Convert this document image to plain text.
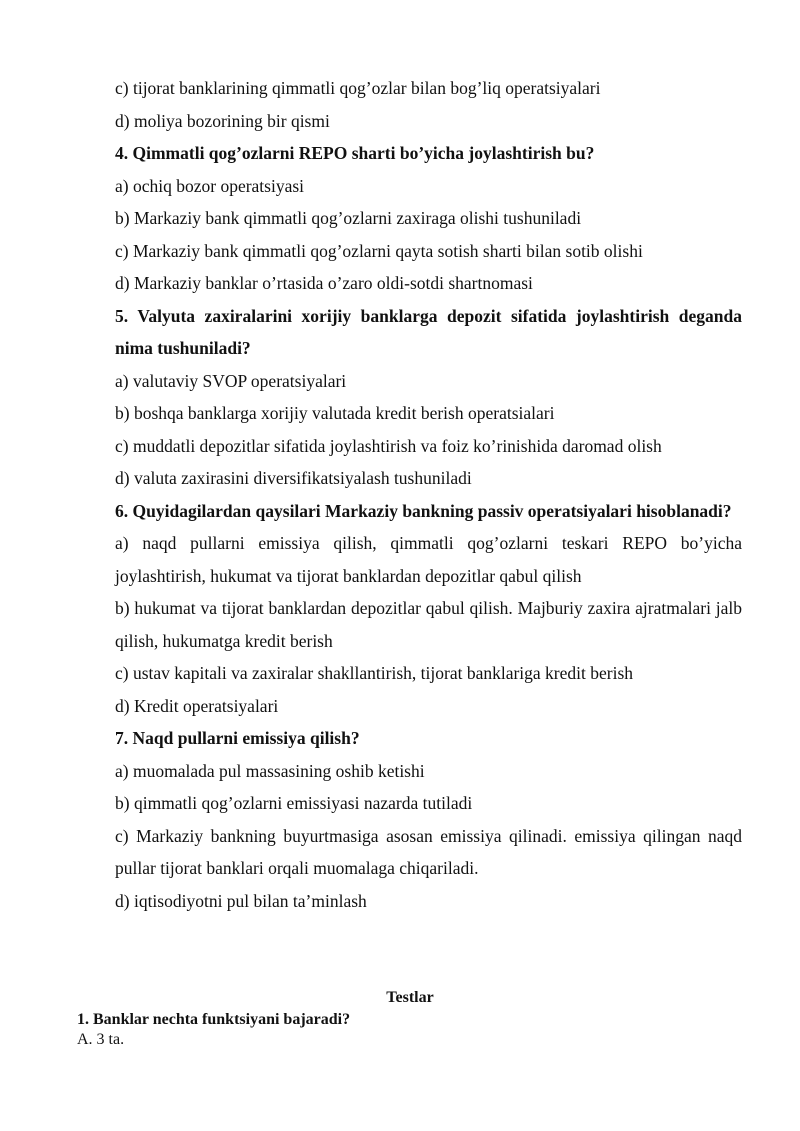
c) tijorat banklarining qimmatli qog’ozlar bilan bog’liq operatsiyalari

d) moliya bozorining bir qismi

4. Qimmatli qog’ozlarni REPO sharti bo’yicha joylashtirish bu?

a) ochiq bozor operatsiyasi

b) Markaziy bank qimmatli qog’ozlarni zaxiraga olishi tushuniladi

c) Markaziy bank qimmatli qog’ozlarni qayta sotish sharti bilan sotib olishi

d) Markaziy banklar o’rtasida o’zaro oldi-sotdi shartnomasi

5. Valyuta zaxiralarini xorijiy banklarga depozit sifatida joylashtirish deganda nima tushuniladi?

a) valutaviy SVOP operatsiyalari

b) boshqa banklarga xorijiy valutada kredit berish operatsialari

c) muddatli depozitlar sifatida joylashtirish va foiz ko’rinishida daromad olish

d) valuta zaxirasini diversifikatsiyalash tushuniladi

6. Quyidagilardan qaysilari Markaziy bankning passiv operatsiyalari hisoblanadi?

a) naqd pullarni emissiya qilish, qimmatli qog’ozlarni teskari REPO bo’yicha joylashtirish, hukumat va tijorat banklardan depozitlar qabul qilish

b) hukumat va tijorat banklardan depozitlar qabul qilish. Majburiy zaxira ajratmalari jalb qilish, hukumatga kredit berish

c) ustav kapitali va zaxiralar shakllantirish, tijorat banklariga kredit berish

d) Kredit operatsiyalari

7. Naqd pullarni emissiya qilish?

a) muomalada pul massasining oshib ketishi

b) qimmatli qog’ozlarni emissiyasi nazarda tutiladi

c) Markaziy bankning buyurtmasiga asosan emissiya qilinadi. emissiya qilingan naqd pullar tijorat banklari orqali muomalaga chiqariladi.

d) iqtisodiyotni pul bilan ta’minlash

Testlar

1. Banklar nechta funktsiyani bajaradi?

A. 3 ta.
